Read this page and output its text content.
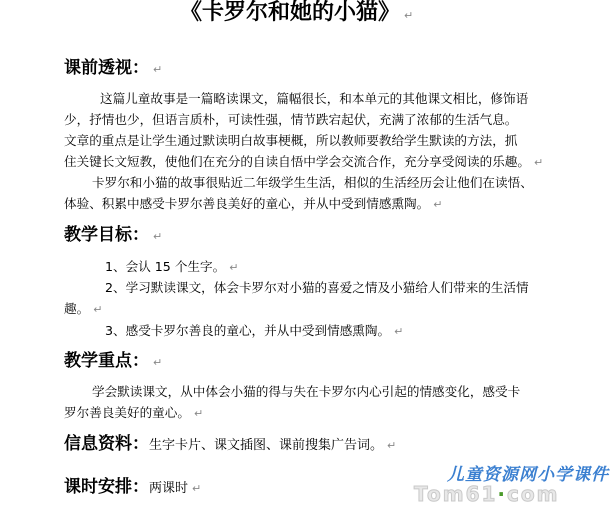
《卡罗尔和她的小猫》 ↵
课前透视： ↵
这篇儿童故事是一篇略读课文，篇幅很长，和本单元的其他课文相比，修饰语
少，抒情也少，但语言质朴，可读性强，情节跌宕起伏，充满了浓郁的生活气息。
文章的重点是让学生通过默读明白故事梗概，所以教师要教给学生默读的方法，抓
住关键长文短教，使他们在充分的自读自悟中学会交流合作，充分享受阅读的乐趣。 ↵
卡罗尔和小猫的故事很贴近二年级学生生活，相似的生活经历会让他们在读悟、
体验、积累中感受卡罗尔善良美好的童心，并从中受到情感熏陶。 ↵
教学目标： ↵
1、会认 15 个生字。 ↵
2、学习默读课文，体会卡罗尔对小猫的喜爱之情及小猫给人们带来的生活情
趣。 ↵
3、感受卡罗尔善良的童心，并从中受到情感熏陶。 ↵
教学重点： ↵
学会默读课文，从中体会小猫的得与失在卡罗尔内心引起的情感变化，感受卡
罗尔善良美好的童心。 ↵
信息资料：生字卡片、课文插图、课前搜集广告词。 ↵
课时安排：两课时 ↵
儿童资源网小学课件
Tom61·com
